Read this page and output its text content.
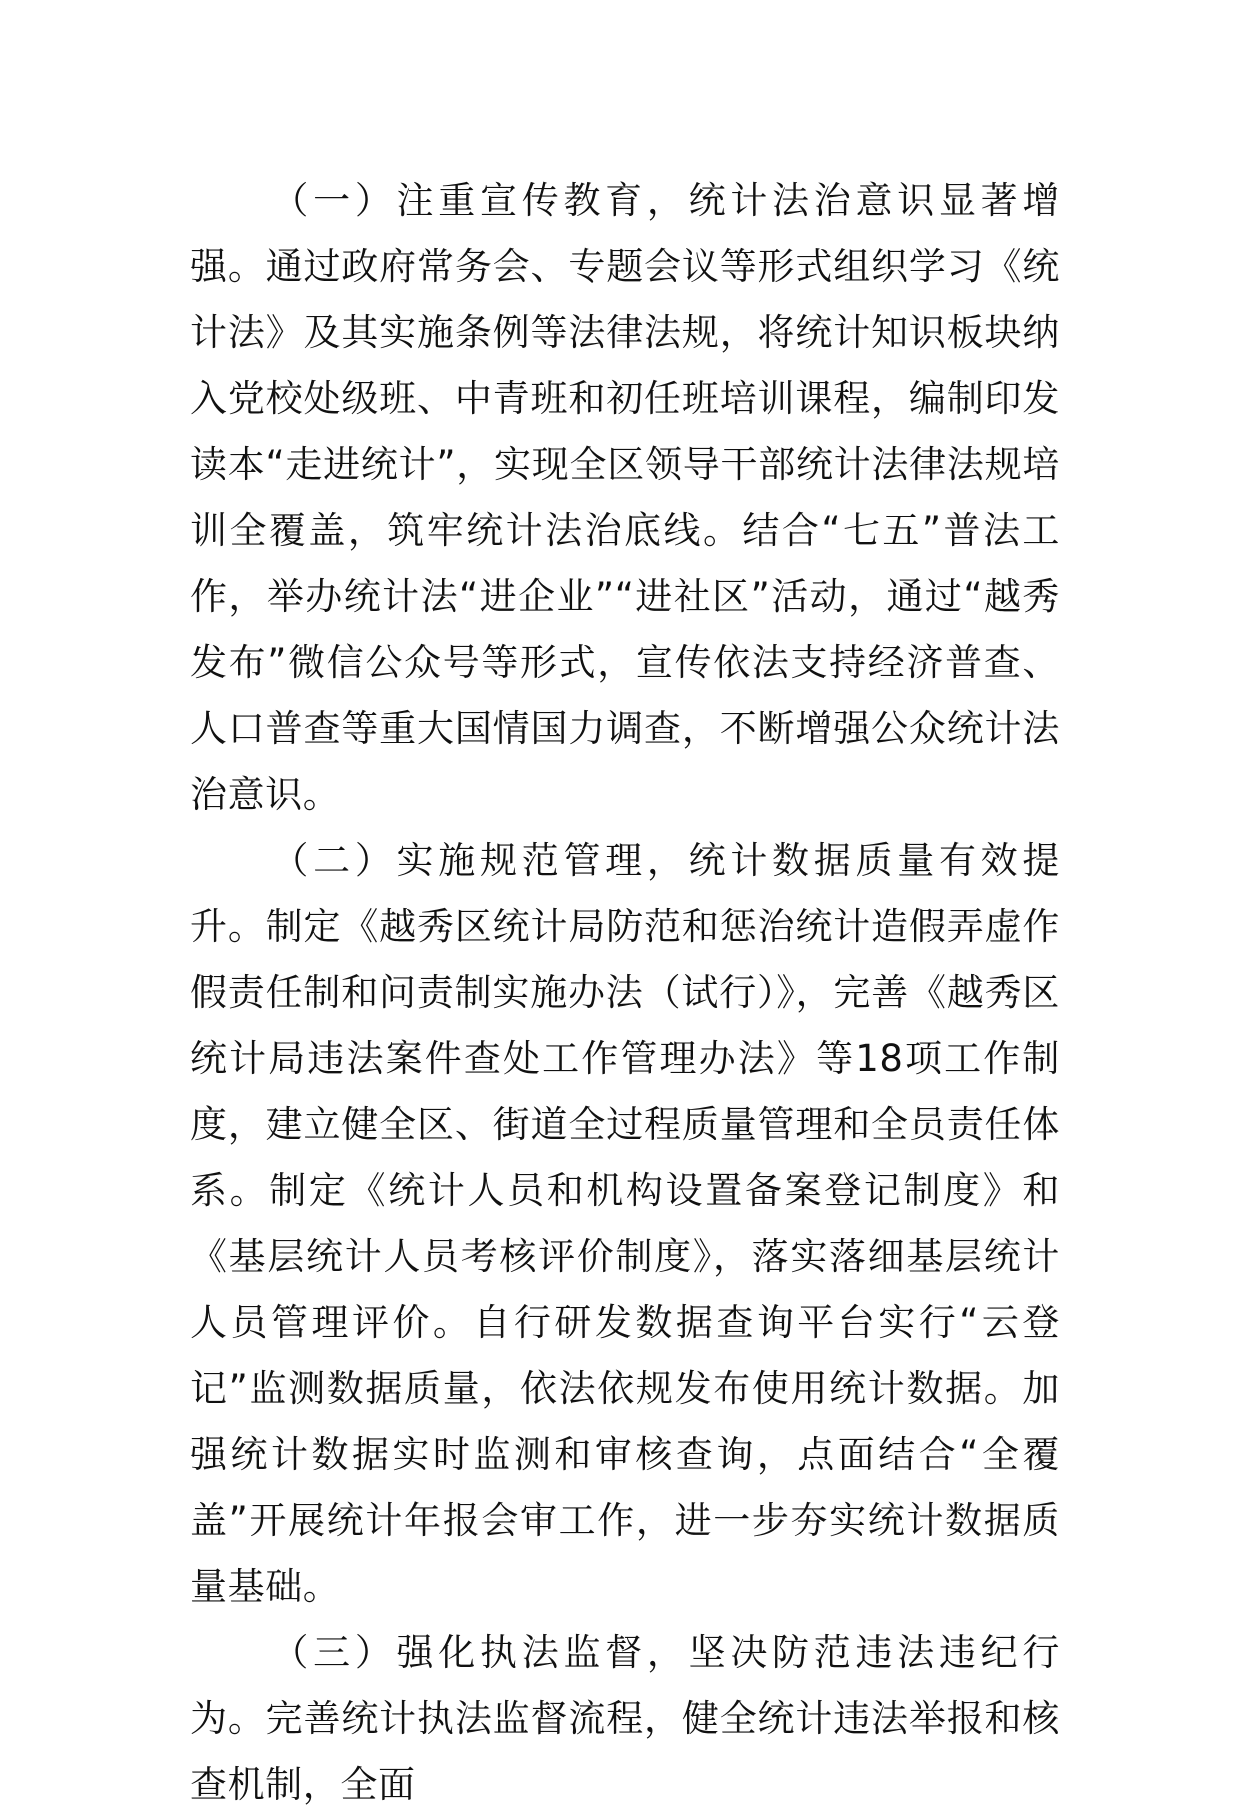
（一）注重宣传教育，统计法治意识显著增强。通过政府常务会、专题会议等形式组织学习《统计法》及其实施条例等法律法规，将统计知识板块纳入党校处级班、中青班和初任班培训课程，编制印发读本“走进统计”，实现全区领导干部统计法律法规培训全覆盖，筑牢统计法治底线。结合“七五”普法工作，举办统计法“进企业”“进社区”活动，通过“越秀发布”微信公众号等形式，宣传依法支持经济普查、人口普查等重大国情国力调查，不断增强公众统计法治意识。

（二）实施规范管理，统计数据质量有效提升。制定《越秀区统计局防范和惩治统计造假弄虚作假责任制和问责制实施办法（试行）》，完善《越秀区统计局违法案件查处工作管理办法》等18项工作制度，建立健全区、街道全过程质量管理和全员责任体系。制定《统计人员和机构设置备案登记制度》和《基层统计人员考核评价制度》，落实落细基层统计人员管理评价。自行研发数据查询平台实行“云登记”监测数据质量，依法依规发布使用统计数据。加强统计数据实时监测和审核查询，点面结合“全覆盖”开展统计年报会审工作，进一步夯实统计数据质量基础。

（三）强化执法监督，坚决防范违法违纪行为。完善统计执法监督流程，健全统计违法举报和核查机制，全面
